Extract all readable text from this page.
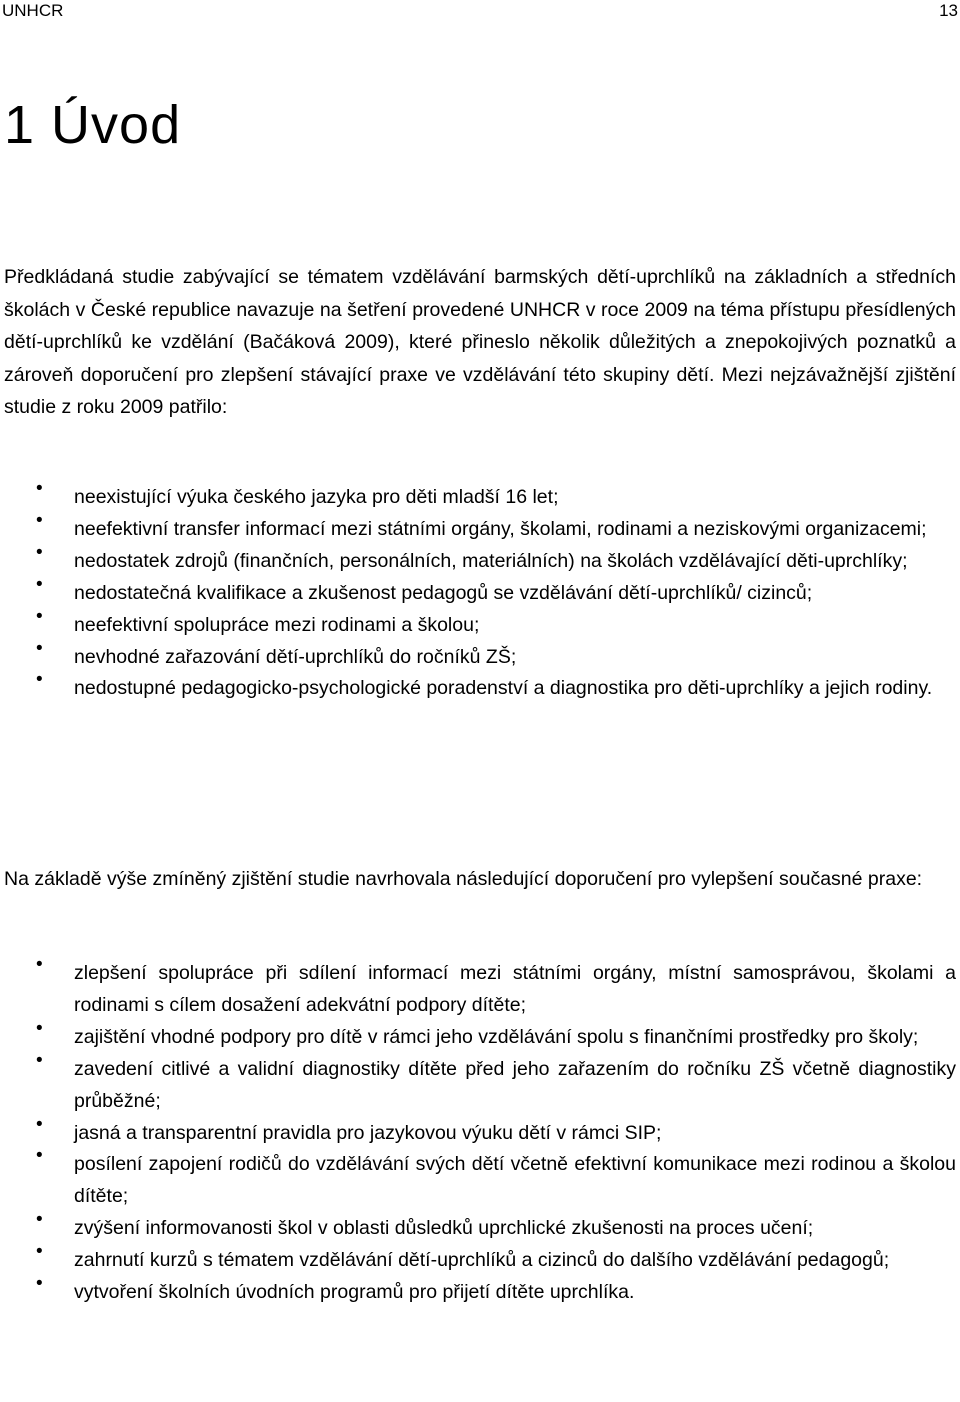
UNHCR	13
1 Úvod

Předkládaná studie zabývající se tématem vzdělávání barmských dětí-uprchlíků na základních a středních školách v České republice navazuje na šetření provedené UNHCR v roce 2009 na téma přístupu přesídlených dětí-uprchlíků ke vzdělání (Bačáková 2009), které přineslo několik důležitých a znepokojivých poznatků a zároveň doporučení pro zlepšení stávající praxe ve vzdělávání této skupiny dětí. Mezi nejzávažnější zjištění studie z roku 2009 patřilo:

• neexistující výuka českého jazyka pro děti mladší 16 let;
• neefektivní transfer informací mezi státními orgány, školami, rodinami a neziskovými organizacemi;
• nedostatek zdrojů (finančních, personálních, materiálních) na školách vzdělávající děti-uprchlíky;
• nedostatečná kvalifikace a zkušenost pedagogů se vzdělávání dětí-uprchlíků/ cizinců;
• neefektivní spolupráce mezi rodinami a školou;
• nevhodné zařazování dětí-uprchlíků do ročníků ZŠ;
• nedostupné pedagogicko-psychologické poradenství a diagnostika pro děti-uprchlíky a jejich rodiny.

Na základě výše zmíněný zjištění studie navrhovala následující doporučení pro vylepšení současné praxe:

• zlepšení spolupráce při sdílení informací mezi státními orgány, místní samosprávou, školami a rodinami s cílem dosažení adekvátní podpory dítěte;
• zajištění vhodné podpory pro dítě v rámci jeho vzdělávání spolu s finančními prostředky pro školy;
• zavedení citlivé a validní diagnostiky dítěte před jeho zařazením do ročníku ZŠ včetně diagnostiky průběžné;
• jasná a transparentní pravidla pro jazykovou výuku dětí v rámci SIP;
• posílení zapojení rodičů do vzdělávání svých dětí včetně efektivní komunikace mezi rodinou a školou dítěte;
• zvýšení informovanosti škol v oblasti důsledků uprchlické zkušenosti na proces učení;
• zahrnutí kurzů s tématem vzdělávání dětí-uprchlíků a cizinců do dalšího vzdělávání pedagogů;
• vytvoření školních úvodních programů pro přijetí dítěte uprchlíka.
